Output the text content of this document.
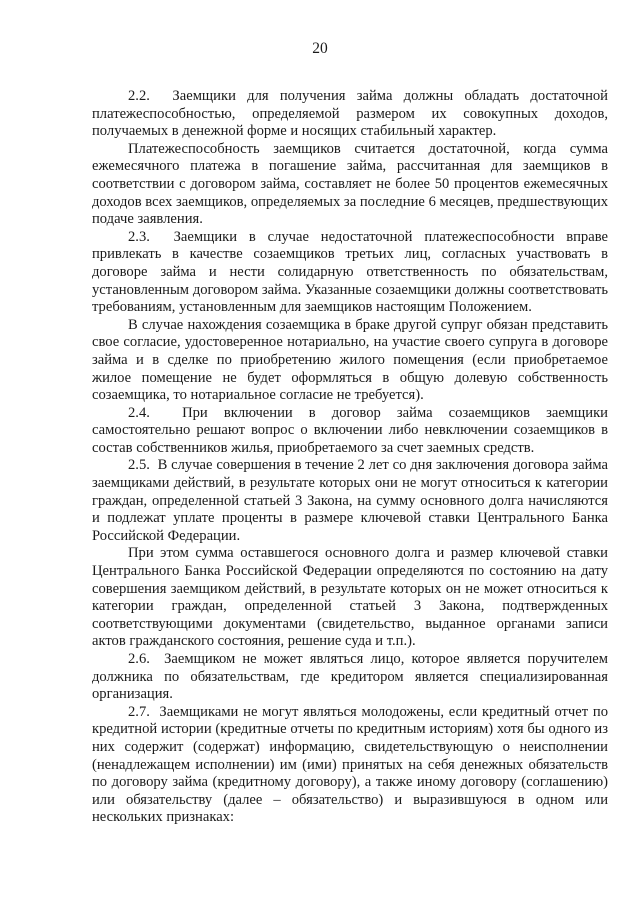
20

2.2.  Заемщики для получения займа должны обладать достаточной платежеспособностью, определяемой размером их совокупных доходов, получаемых в денежной форме и носящих стабильный характер.

Платежеспособность заемщиков считается достаточной, когда сумма ежемесячного платежа в погашение займа, рассчитанная для заемщиков в соответствии с договором займа, составляет не более 50 процентов ежемесячных доходов всех заемщиков, определяемых за последние 6 месяцев, предшествующих подаче заявления.

2.3.  Заемщики в случае недостаточной платежеспособности вправе привлекать в качестве созаемщиков третьих лиц, согласных участвовать в договоре займа и нести солидарную ответственность по обязательствам, установленным договором займа. Указанные созаемщики должны соответствовать требованиям, установленным для заемщиков настоящим Положением.

В случае нахождения созаемщика в браке другой супруг обязан представить свое согласие, удостоверенное нотариально, на участие своего супруга в договоре займа и в сделке по приобретению жилого помещения (если приобретаемое жилое помещение не будет оформляться в общую долевую собственность созаемщика, то нотариальное согласие не требуется).

2.4.  При включении в договор займа созаемщиков заемщики самостоятельно решают вопрос о включении либо невключении созаемщиков в состав собственников жилья, приобретаемого за счет заемных средств.

2.5.  В случае совершения в течение 2 лет со дня заключения договора займа заемщиками действий, в результате которых они не могут относиться к категории граждан, определенной статьей 3 Закона, на сумму основного долга начисляются и подлежат уплате проценты в размере ключевой ставки Центрального Банка Российской Федерации.

При этом сумма оставшегося основного долга и размер ключевой ставки Центрального Банка Российской Федерации определяются по состоянию на дату совершения заемщиком действий, в результате которых он не может относиться к категории граждан, определенной статьей 3 Закона, подтвержденных соответствующими документами (свидетельство, выданное органами записи актов гражданского состояния, решение суда и т.п.).

2.6.  Заемщиком не может являться лицо, которое является поручителем должника по обязательствам, где кредитором является специализированная организация.

2.7.  Заемщиками не могут являться молодожены, если кредитный отчет по кредитной истории (кредитные отчеты по кредитным историям) хотя бы одного из них содержит (содержат) информацию, свидетельствующую о неисполнении (ненадлежащем исполнении) им (ими) принятых на себя денежных обязательств по договору займа (кредитному договору), а также иному договору (соглашению) или обязательству (далее – обязательство) и выразившуюся в одном или нескольких признаках:
